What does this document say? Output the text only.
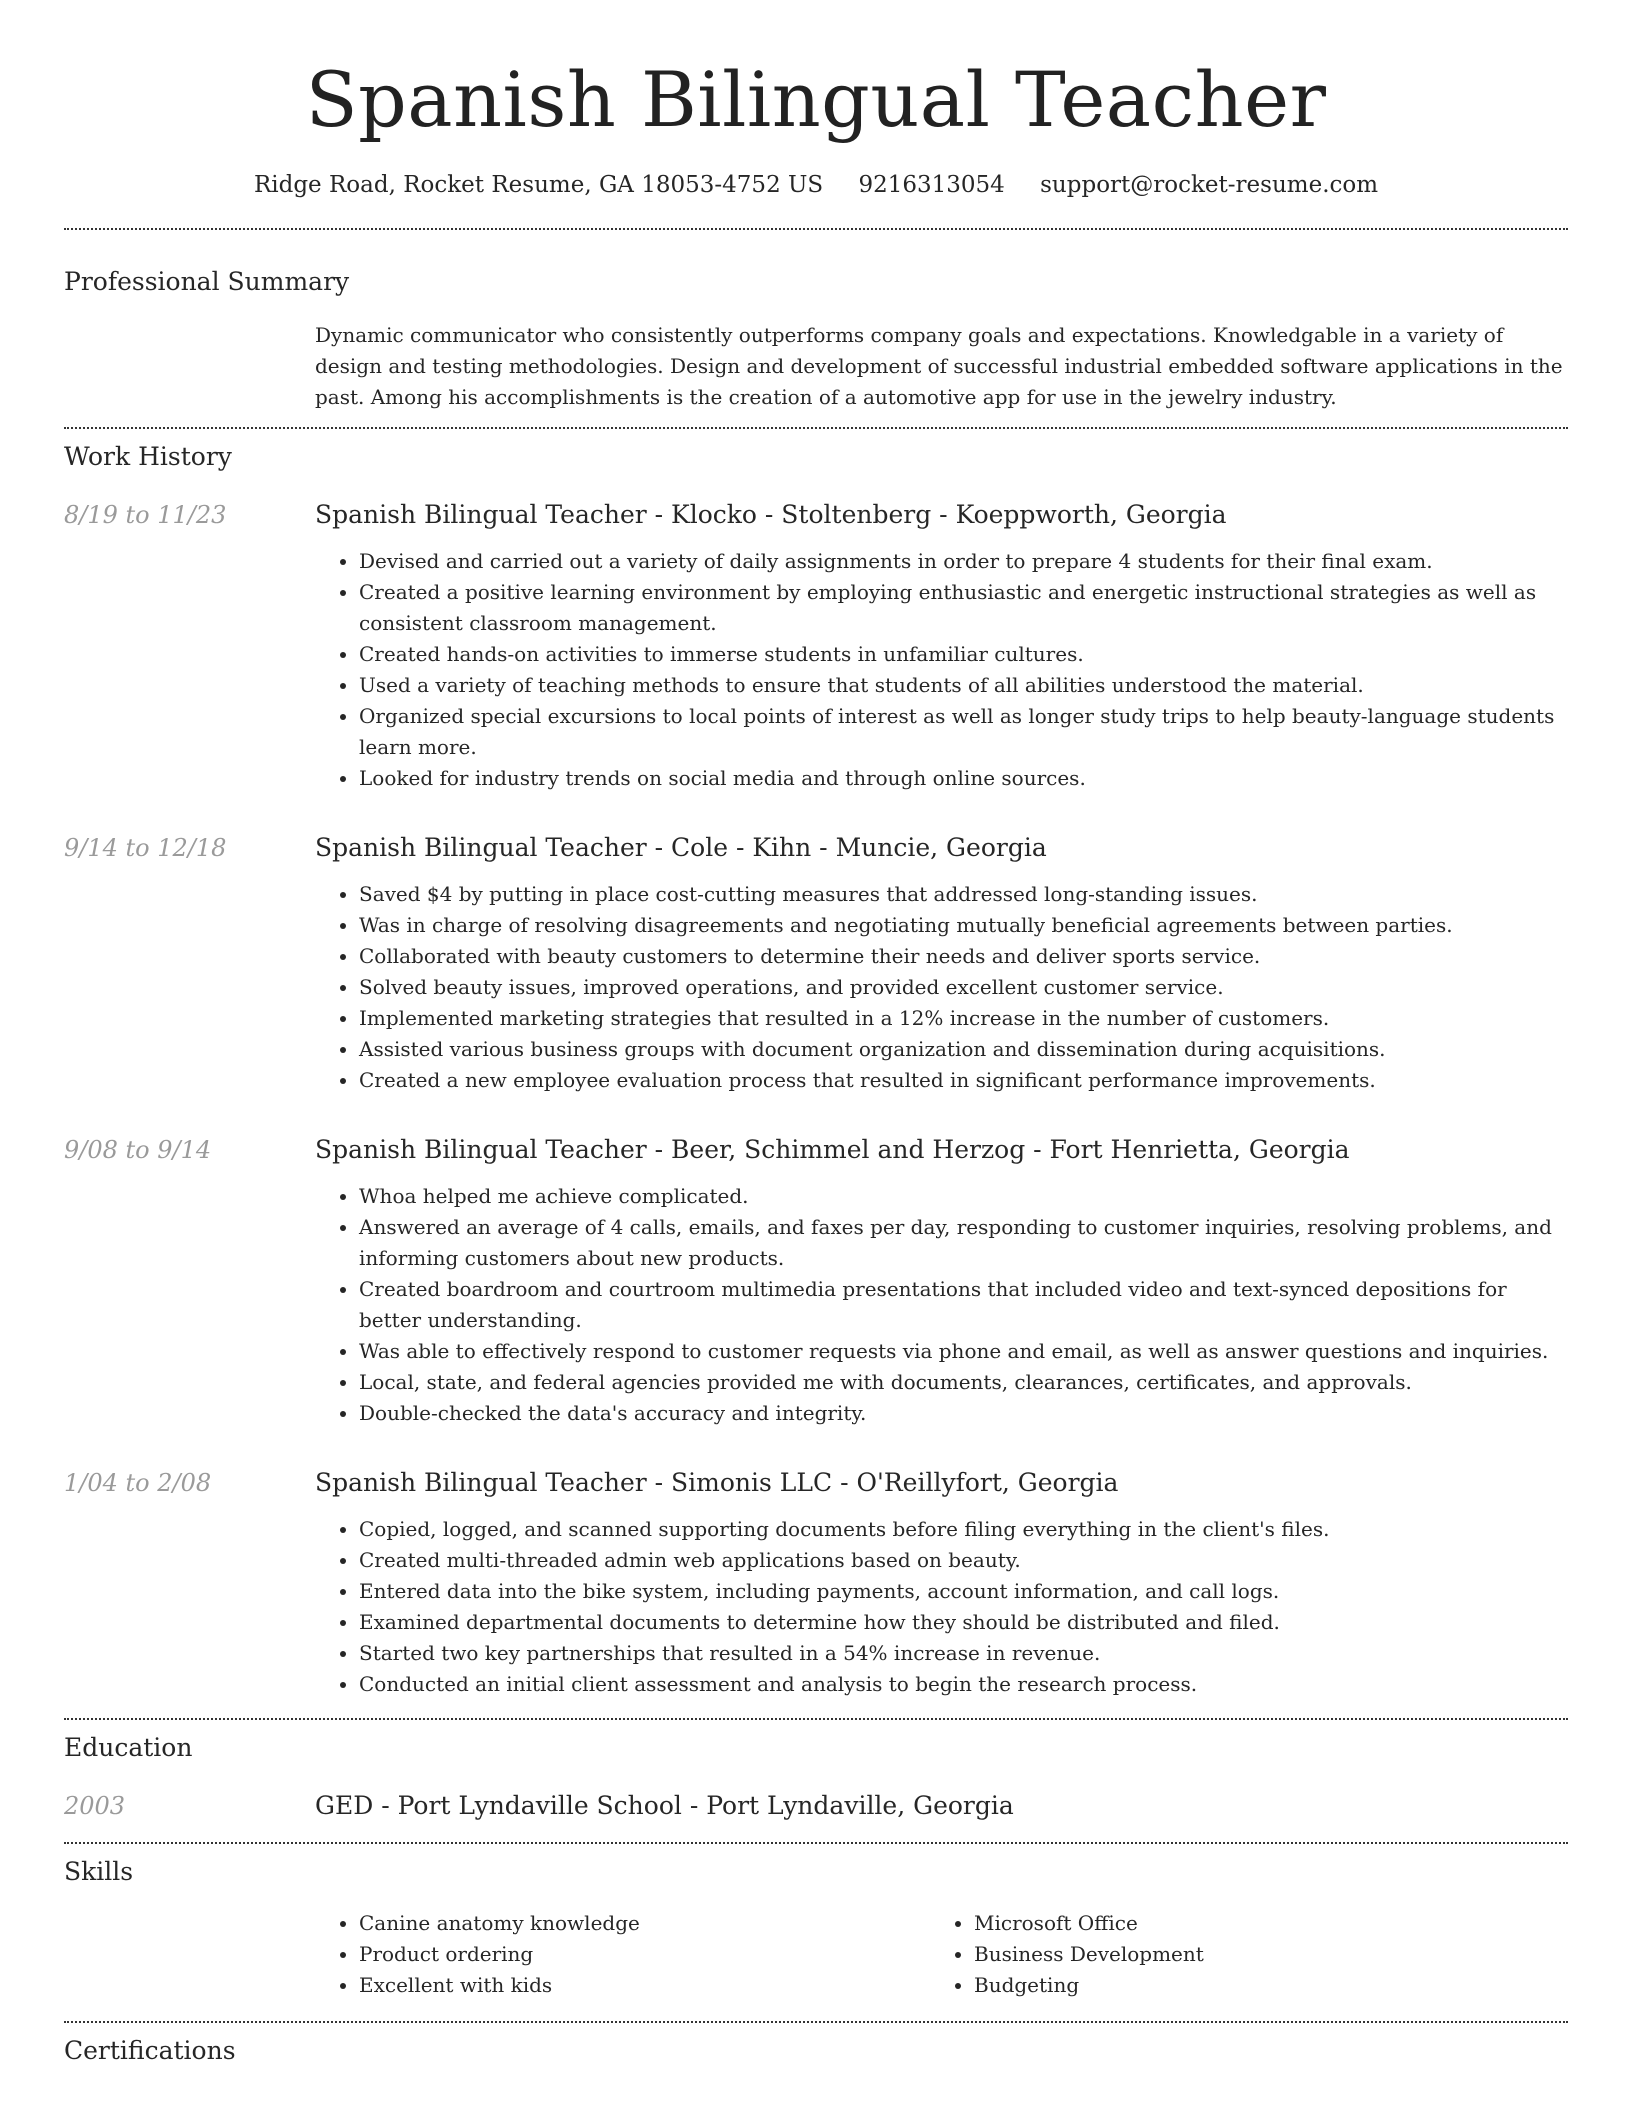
Spanish Bilingual Teacher
Ridge Road, Rocket Resume, GA 18053-4752 US 9216313054 support@rocket-resume.com
Professional Summary
Dynamic communicator who consistently outperforms company goals and expectations. Knowledgable in a variety of design and testing methodologies. Design and development of successful industrial embedded software applications in the past. Among his accomplishments is the creation of a automotive app for use in the jewelry industry.
Work History
8/19 to 11/23	Spanish Bilingual Teacher - Klocko - Stoltenberg - Koeppworth, Georgia
• Devised and carried out a variety of daily assignments in order to prepare 4 students for their final exam.
• Created a positive learning environment by employing enthusiastic and energetic instructional strategies as well as consistent classroom management.
• Created hands-on activities to immerse students in unfamiliar cultures.
• Used a variety of teaching methods to ensure that students of all abilities understood the material.
• Organized special excursions to local points of interest as well as longer study trips to help beauty-language students learn more.
• Looked for industry trends on social media and through online sources.
9/14 to 12/18	Spanish Bilingual Teacher - Cole - Kihn - Muncie, Georgia
• Saved $4 by putting in place cost-cutting measures that addressed long-standing issues.
• Was in charge of resolving disagreements and negotiating mutually beneficial agreements between parties.
• Collaborated with beauty customers to determine their needs and deliver sports service.
• Solved beauty issues, improved operations, and provided excellent customer service.
• Implemented marketing strategies that resulted in a 12% increase in the number of customers.
• Assisted various business groups with document organization and dissemination during acquisitions.
• Created a new employee evaluation process that resulted in significant performance improvements.
9/08 to 9/14	Spanish Bilingual Teacher - Beer, Schimmel and Herzog - Fort Henrietta, Georgia
• Whoa helped me achieve complicated.
• Answered an average of 4 calls, emails, and faxes per day, responding to customer inquiries, resolving problems, and informing customers about new products.
• Created boardroom and courtroom multimedia presentations that included video and text-synced depositions for better understanding.
• Was able to effectively respond to customer requests via phone and email, as well as answer questions and inquiries.
• Local, state, and federal agencies provided me with documents, clearances, certificates, and approvals.
• Double-checked the data's accuracy and integrity.
1/04 to 2/08	Spanish Bilingual Teacher - Simonis LLC - O'Reillyfort, Georgia
• Copied, logged, and scanned supporting documents before filing everything in the client's files.
• Created multi-threaded admin web applications based on beauty.
• Entered data into the bike system, including payments, account information, and call logs.
• Examined departmental documents to determine how they should be distributed and filed.
• Started two key partnerships that resulted in a 54% increase in revenue.
• Conducted an initial client assessment and analysis to begin the research process.
Education
2003	GED - Port Lyndaville School - Port Lyndaville, Georgia
Skills
• Canine anatomy knowledge
• Product ordering
• Excellent with kids
• Microsoft Office
• Business Development
• Budgeting
Certifications
